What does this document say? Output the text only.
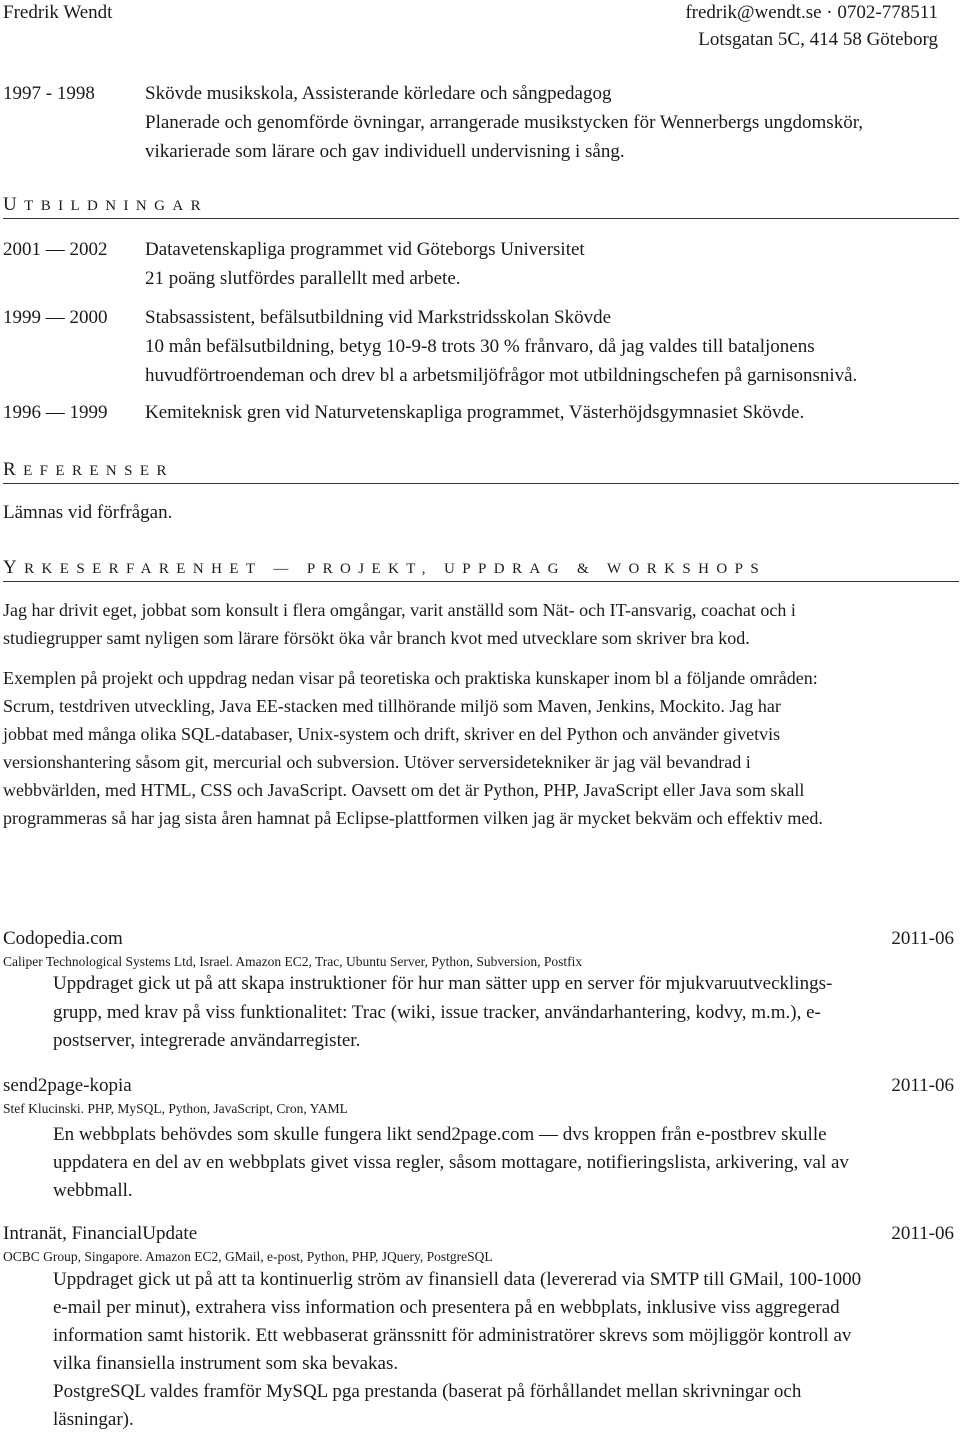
Fredrik Wendt	fredrik@wendt.se · 0702-778511
Lotsgatan 5C, 414 58 Göteborg

1997 - 1998	Skövde musikskola, Assisterande körledare och sångpedagog

Planerade och genomförde övningar, arrangerade musikstycken för Wennerbergs ungdomskör,

vikarierade som lärare och gav individuell undervisning i sång.

UTBILDNINGAR

2001 — 2002 Datavetenskapliga programmet vid Göteborgs Universitet

21 poäng slutfördes parallellt med arbete.

1999 — 2000 Stabsassistent, befälsutbildning vid Markstridsskolan Skövde

10 mån befälsutbildning, betyg 10-9-8 trots 30 % frånvaro, då jag valdes till bataljonens

huvudförtroendeman och drev bl a arbetsmiljöfrågor mot utbildningschefen på garnisonsnivå.

1996 — 1999 Kemiteknisk gren vid Naturvetenskapliga programmet, Västerhöjdsgymnasiet Skövde.

REFERENSER

Lämnas vid förfrågan.

YRKESERFARENHET — PROJEKT, UPPDRAG & WORKSHOPS

Jag har drivit eget, jobbat som konsult i flera omgångar, varit anställd som Nät- och IT-ansvarig, coachat och i

studiegrupper samt nyligen som lärare försökt öka vår branch kvot med utvecklare som skriver bra kod.

Exemplen på projekt och uppdrag nedan visar på teoretiska och praktiska kunskaper inom bl a följande områden:

Scrum, testdriven utveckling, Java EE-stacken med tillhörande miljö som Maven, Jenkins, Mockito. Jag har

jobbat med många olika SQL-databaser, Unix-system och drift, skriver en del Python och använder givetvis

versionshantering såsom git, mercurial och subversion. Utöver serversidetekniker är jag väl bevandrad i

webbvärlden, med HTML, CSS och JavaScript. Oavsett om det är Python, PHP, JavaScript eller Java som skall

programmeras så har jag sista åren hamnat på Eclipse-plattformen vilken jag är mycket bekväm och effektiv med.

Codopedia.com	2011-06

Caliper Technological Systems Ltd, Israel. Amazon EC2, Trac, Ubuntu Server, Python, Subversion, Postfix

Uppdraget gick ut på att skapa instruktioner för hur man sätter upp en server för mjukvaruutvecklings-

grupp, med krav på viss funktionalitet: Trac (wiki, issue tracker, användarhantering, kodvy, m.m.), e-

postserver, integrerade användarregister.

send2page-kopia	2011-06

Stef Klucinski. PHP, MySQL, Python, JavaScript, Cron, YAML

En webbplats behövdes som skulle fungera likt send2page.com — dvs kroppen från e-postbrev skulle

uppdatera en del av en webbplats givet vissa regler, såsom mottagare, notifieringslista, arkivering, val av

webbmall.

Intranät, FinancialUpdate	2011-06

OCBC Group, Singapore. Amazon EC2, GMail, e-post, Python, PHP, JQuery, PostgreSQL

Uppdraget gick ut på att ta kontinuerlig ström av finansiell data (levererad via SMTP till GMail, 100-1000

e-mail per minut), extrahera viss information och presentera på en webbplats, inklusive viss aggregerad

information samt historik. Ett webbaserat gränssnitt för administratörer skrevs som möjliggör kontroll av

vilka finansiella instrument som ska bevakas.

PostgreSQL valdes framför MySQL pga prestanda (baserat på förhållandet mellan skrivningar och

läsningar).
